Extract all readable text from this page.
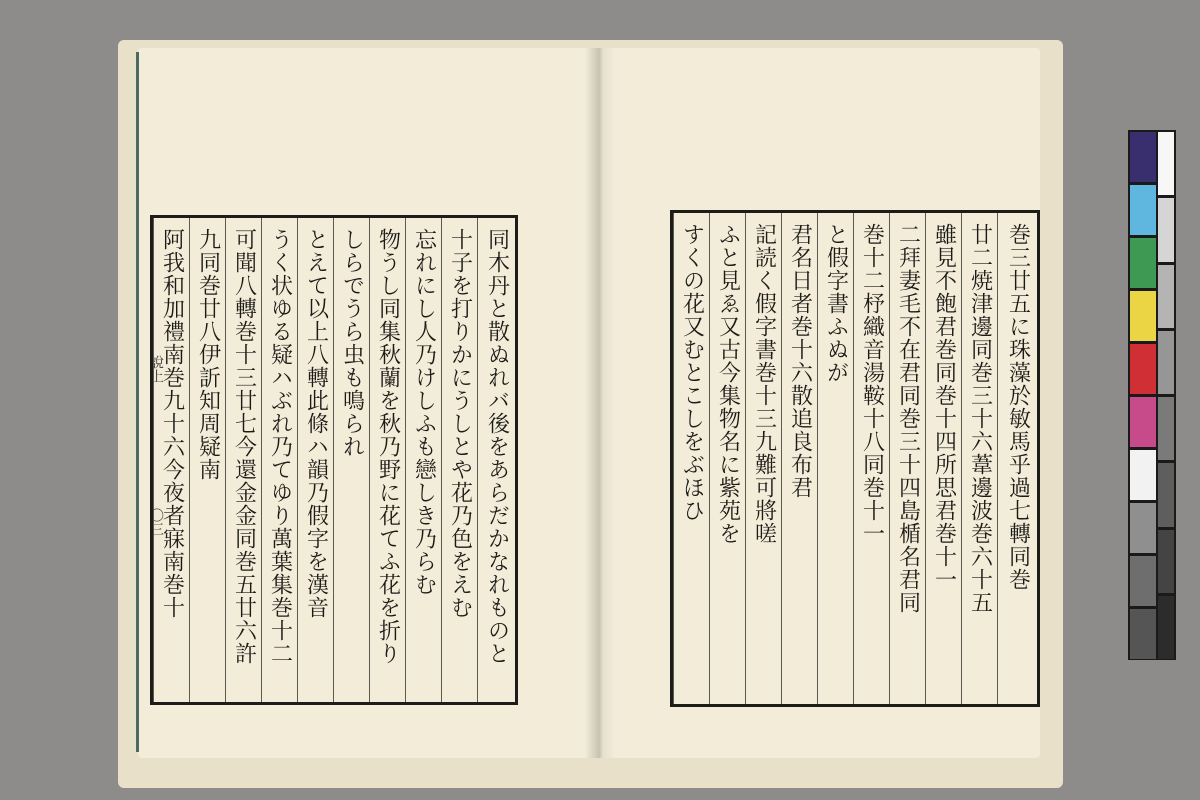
說上
〇三
阿我和加禮南巻九十六今夜者寐南巻十 九同巻廿八伊訢知周疑南 可聞八轉巻十三廿七今還金金同巻五廿六許 うく状ゆる疑ハぶれ乃てゆり萬葉集巻十二 とえて以上八轉此條ハ韻乃假字を漢音 しらでうら虫も鳴られ 物うし同集秋蘭を秋乃野に花てふ花を折り 忘れにし人乃けしふも戀しき乃らむ 十子を打りかにうしとや花乃色をえむ 同木丹と散ぬれバ後をあらだかなれものと	すくの花又むとこしをぶほひ ふと見ゑ又古今集物名に紫苑を 記読く假字書巻十三九難可將嗟 君名日者巻十六散追良布君 と假字書ふぬが 巻十二杼織音湯鞍十八同巻十一 二拜妻毛不在君同巻三十四島楯名君同 雖見不飽君巻同巻十四所思君巻十一 廿二焼津邊同巻三十六葦邊波巻六十五 巻三廿五に珠藻於敏馬乎過七轉同巻
